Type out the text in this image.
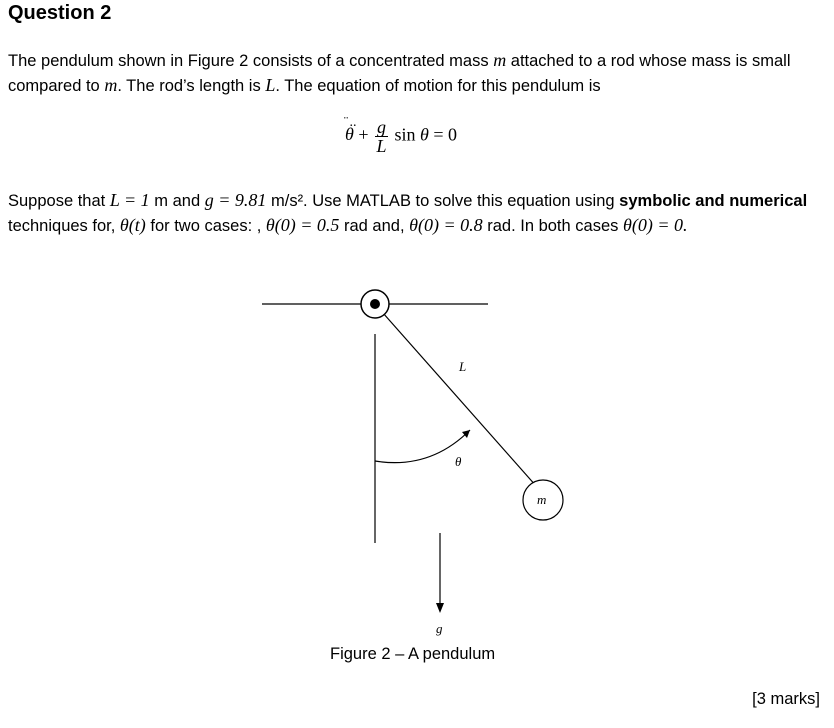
Question 2
The pendulum shown in Figure 2 consists of a concentrated mass m attached to a rod whose mass is small compared to m. The rod’s length is L. The equation of motion for this pendulum is
θ
̈ ..
+ $\frac{g}{L}$ sin θ = 0
Suppose that L = 1 m and g = 9.81 m/s². Use MATLAB to solve this equation using symbolic and numerical techniques for, θ(t) for two cases: , θ(0) = 0.5 rad and, θ(0) = 0.8 rad. In both cases θ(0) = 0.
L
θ
m
g
Figure 2 – A pendulum
[3 marks]
